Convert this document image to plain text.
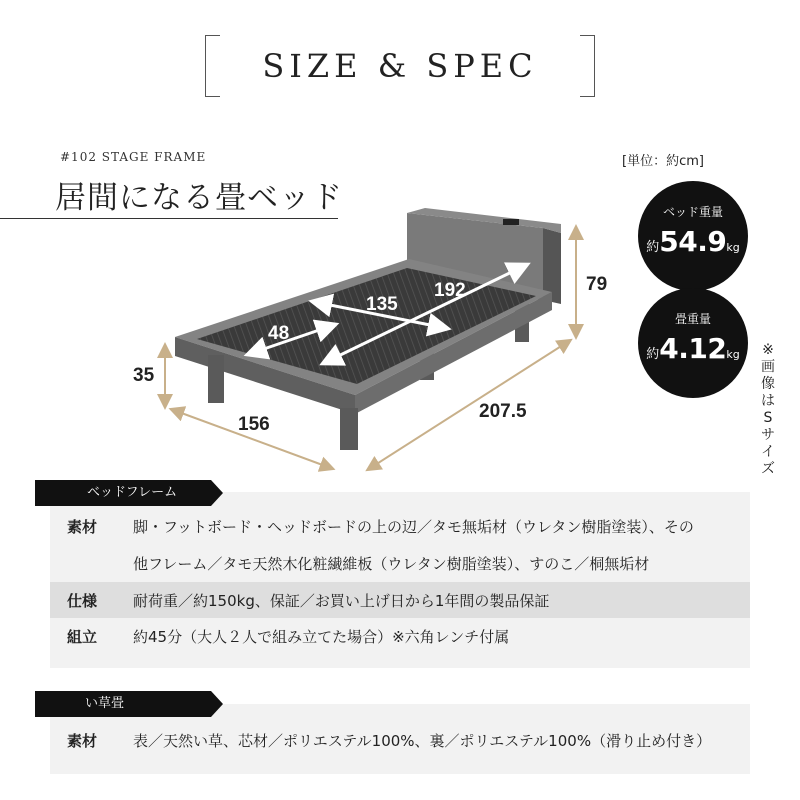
SIZE & SPEC
#102 STAGE FRAME
居間になる畳ベッド
[単位：約cm]
79
35
156
207.5
192
135
48
ベッド重量
約54.9kg
畳重量
約4.12kg	※画像はSサイズ
素材 脚・フットボード・ヘッドボードの上の辺／タモ無垢材（ウレタン樹脂塗装）、その
他フレーム／タモ天然木化粧繊維板（ウレタン樹脂塗装）、すのこ／桐無垢材
仕様 耐荷重／約150kg、保証／お買い上げ日から1年間の製品保証
組立 約45分（大人２人で組み立てた場合）※六角レンチ付属
ベッドフレーム
素材 表／天然い草、芯材／ポリエステル100%、裏／ポリエステル100%（滑り止め付き）
い草畳
